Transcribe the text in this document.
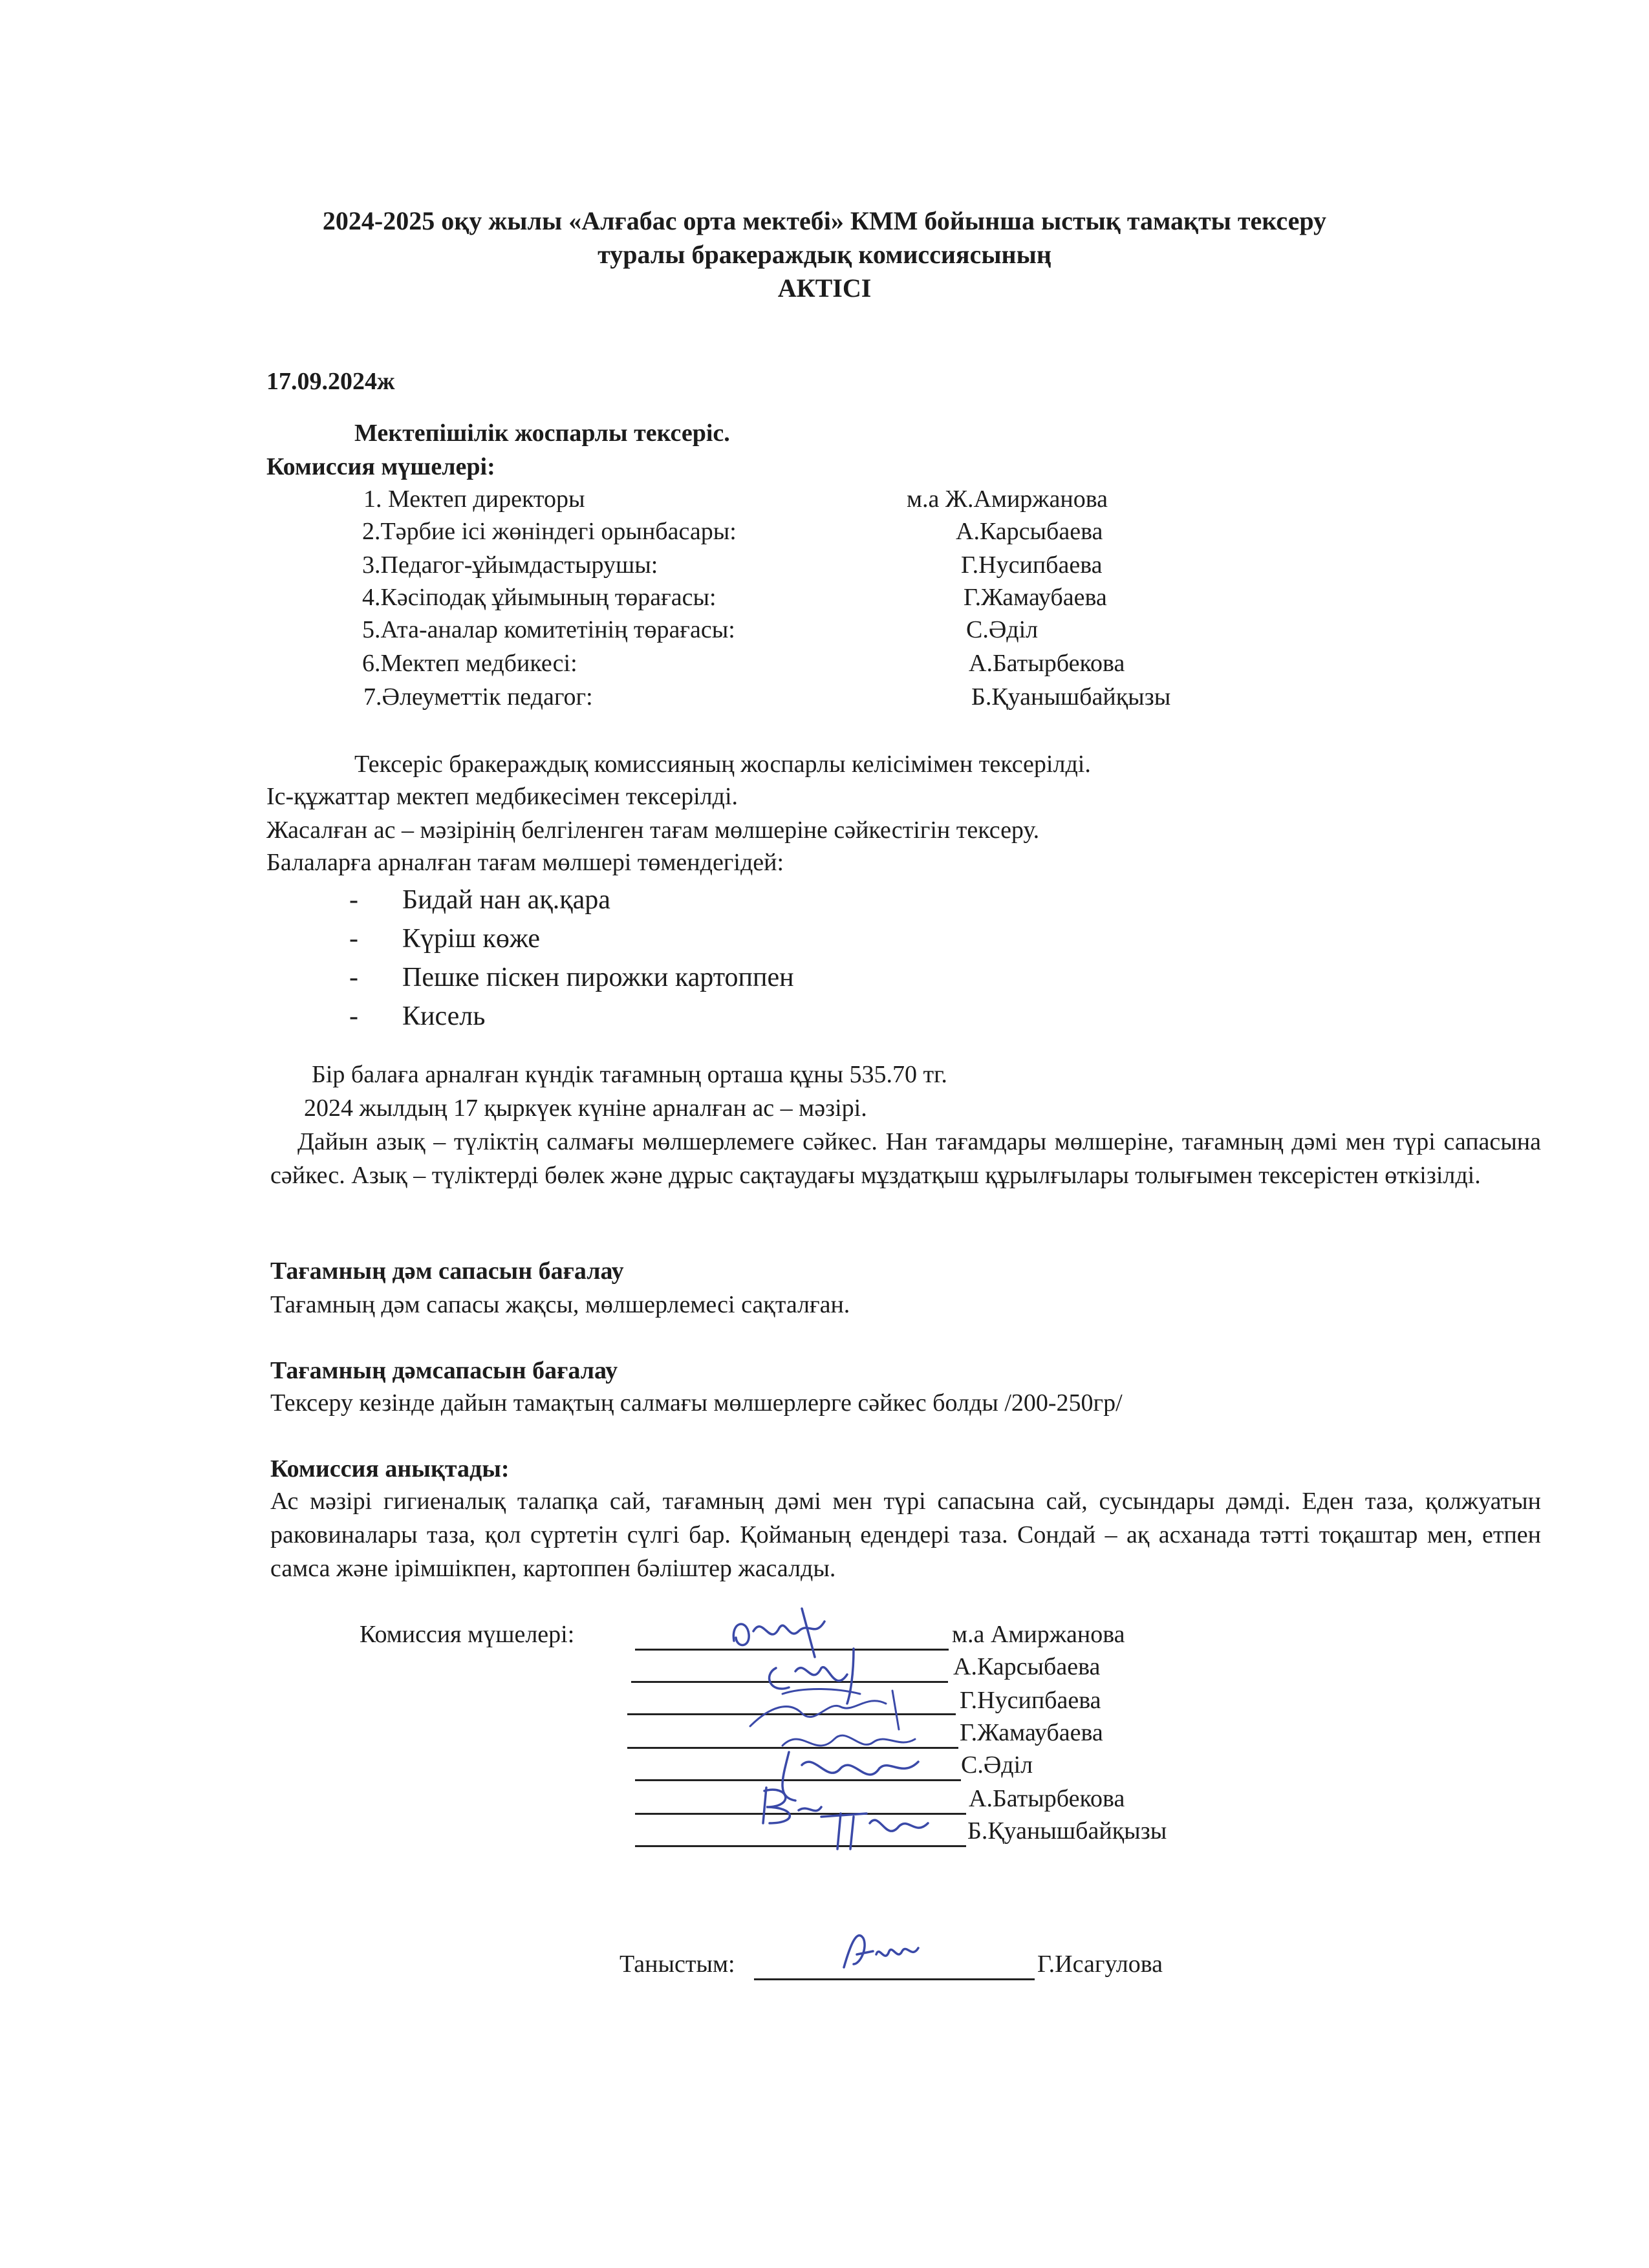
2024-2025 оқу жылы «Алғабас орта мектебі» КММ бойынша ыстық тамақты тексеру
туралы бракераждық комиссиясының
АКТІСІ
17.09.2024ж
Мектепішілік жоспарлы тексеріс.
Комиссия мүшелері:
1. Мектеп директоры	м.а Ж.Амиржанова
2.Тәрбие ісі жөніндегі орынбасары:	А.Карсыбаева
3.Педагог-ұйымдастырушы:	Г.Нусипбаева
4.Кәсіподақ ұйымының төрағасы:	Г.Жамаубаева
5.Ата-аналар комитетінің төрағасы:	С.Әділ
6.Мектеп медбикесі:	А.Батырбекова
7.Әлеуметтік педагог:	Б.Қуанышбайқызы
Тексеріс бракераждық комиссияның жоспарлы келісімімен тексерілді.
Іс-құжаттар мектеп медбикесімен тексерілді.
Жасалған ас – мәзірінің белгіленген тағам мөлшеріне сәйкестігін тексеру.
Балаларға арналған тағам мөлшері төмендегідей:
- Бидай нан ақ.қара
- Күріш көже
- Пешке піскен пирожки картоппен
- Кисель
Бір балаға арналған күндік тағамның орташа құны 535.70 тг.
2024 жылдың 17 қыркүек күніне арналған ас – мәзірі.
Дайын азық – түліктің салмағы мөлшерлемеге сәйкес. Нан тағамдары мөлшеріне, тағамның дәмі мен түрі сапасына сәйкес. Азық – түліктерді бөлек және дұрыс сақтаудағы мұздатқыш құрылғылары толығымен тексерістен өткізілді.
Тағамның дәм сапасын бағалау
Тағамның дәм сапасы жақсы, мөлшерлемесі сақталған.
Тағамның дәмсапасын бағалау
Тексеру кезінде дайын тамақтың салмағы мөлшерлерге сәйкес болды /200-250гр/
Комиссия анықтады:
Ас мәзірі гигиеналық талапқа сай, тағамның дәмі мен түрі сапасына сай, сусындары дәмді. Еден таза, қолжуатын раковиналары таза, қол сүртетін сүлгі бар. Қойманың едендері таза. Сондай – ақ асханада тәтті тоқаштар мен, етпен самса және ірімшікпен, картоппен бәліштер жасалды.
Комиссия мүшелері:	м.а Амиржанова
А.Карсыбаева
Г.Нусипбаева
Г.Жамаубаева
С.Әділ
А.Батырбекова
Б.Қуанышбайқызы
Таныстым:	Г.Исагулова
